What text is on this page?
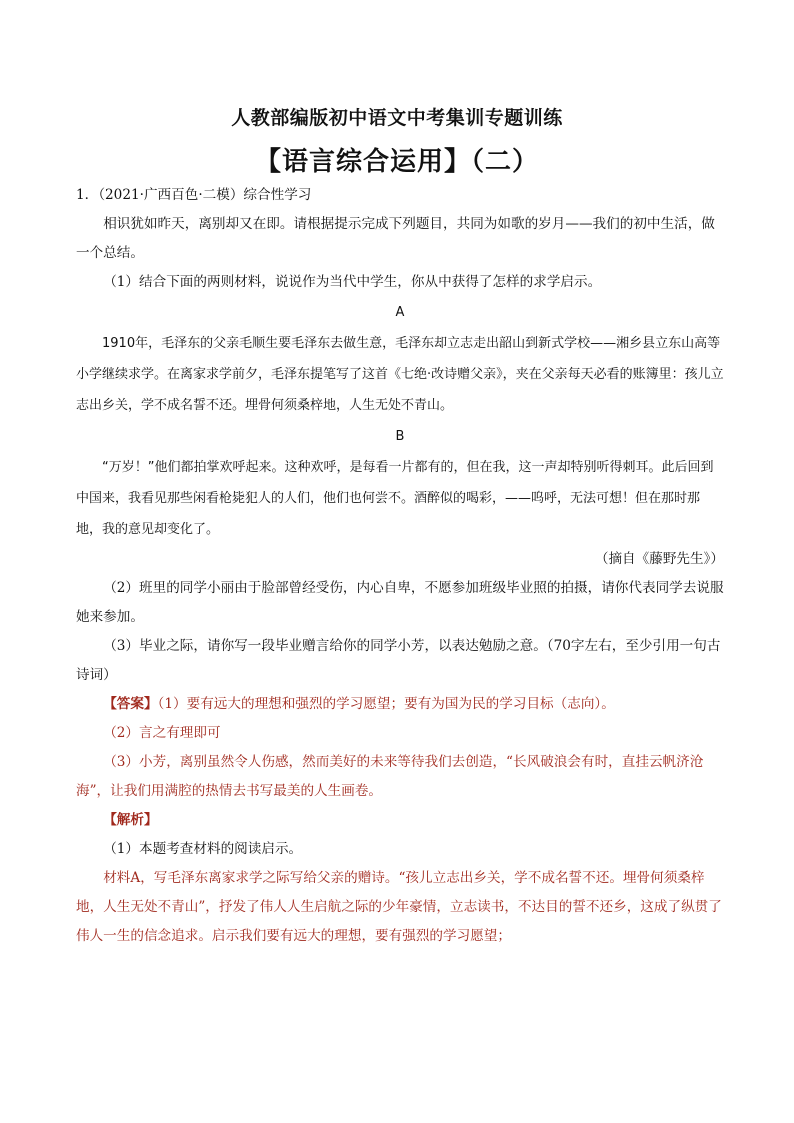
人教部编版初中语文中考集训专题训练
【语言综合运用】（二）

1．（2021·广西百色·二模）综合性学习

相识犹如昨天，离别却又在即。请根据提示完成下列题目，共同为如歌的岁月——我们的初中生活，做一个总结。

（1）结合下面的两则材料，说说作为当代中学生，你从中获得了怎样的求学启示。

A

1910年，毛泽东的父亲毛顺生要毛泽东去做生意，毛泽东却立志走出韶山到新式学校——湘乡县立东山高等小学继续求学。在离家求学前夕，毛泽东提笔写了这首《七绝·改诗赠父亲》，夹在父亲每天必看的账簿里：孩儿立志出乡关，学不成名誓不还。埋骨何须桑梓地，人生无处不青山。

B

“万岁！”他们都拍掌欢呼起来。这种欢呼，是每看一片都有的，但在我，这一声却特别听得刺耳。此后回到中国来，我看见那些闲看枪毙犯人的人们，他们也何尝不。酒醉似的喝彩，——呜呼，无法可想！但在那时那地，我的意见却变化了。

（摘自《藤野先生》）

（2）班里的同学小丽由于脸部曾经受伤，内心自卑，不愿参加班级毕业照的拍摄，请你代表同学去说服她来参加。

（3）毕业之际，请你写一段毕业赠言给你的同学小芳，以表达勉励之意。（70字左右，至少引用一句古诗词）

【答案】（1）要有远大的理想和强烈的学习愿望；要有为国为民的学习目标（志向）。

（2）言之有理即可

（3）小芳，离别虽然令人伤感，然而美好的未来等待我们去创造，“长风破浪会有时，直挂云帆济沧海”，让我们用满腔的热情去书写最美的人生画卷。

【解析】

（1）本题考查材料的阅读启示。

材料A，写毛泽东离家求学之际写给父亲的赠诗。“孩儿立志出乡关，学不成名誓不还。埋骨何须桑梓地，人生无处不青山”，抒发了伟人人生启航之际的少年豪情，立志读书，不达目的誓不还乡，这成了纵贯了伟人一生的信念追求。启示我们要有远大的理想，要有强烈的学习愿望；
